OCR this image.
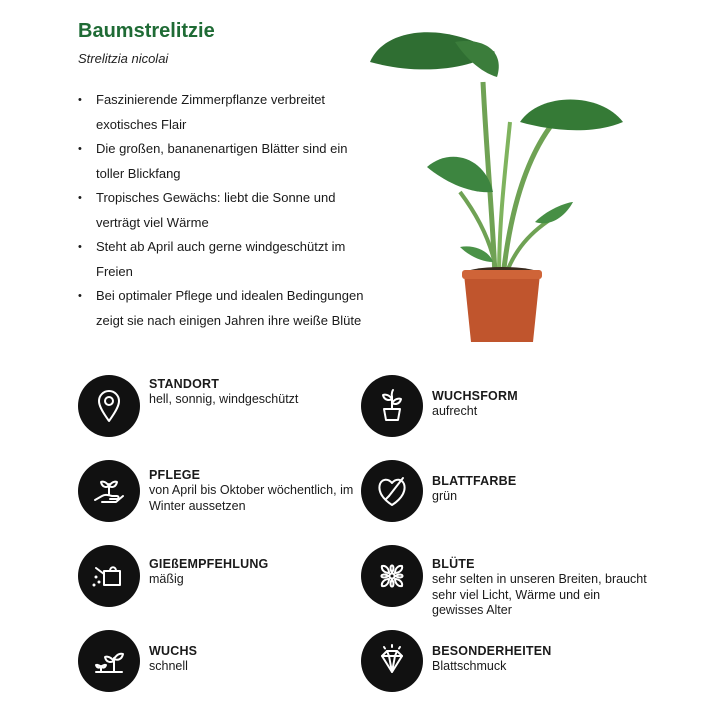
Baumstrelitzie
Strelitzia nicolai
• Faszinierende Zimmerpflanze verbreitet exotisches Flair
• Die großen, bananenartigen Blätter sind ein toller Blickfang
• Tropisches Gewächs: liebt die Sonne und verträgt viel Wärme
• Steht ab April auch gerne windgeschützt im Freien
• Bei optimaler Pflege und idealen Bedingungen zeigt sie nach einigen Jahren ihre weiße Blüte
STANDORT
hell, sonnig, windgeschützt	WUCHSFORM
aufrecht
PFLEGE
von April bis Oktober wöchentlich, im Winter aussetzen
BLATTFARBE
grün
GIEßEMPFEHLUNG
mäßig
BLÜTE
sehr selten in unseren Breiten, braucht sehr viel Licht, Wärme und ein gewisses Alter
WUCHS
schnell
BESONDERHEITEN
Blattschmuck
